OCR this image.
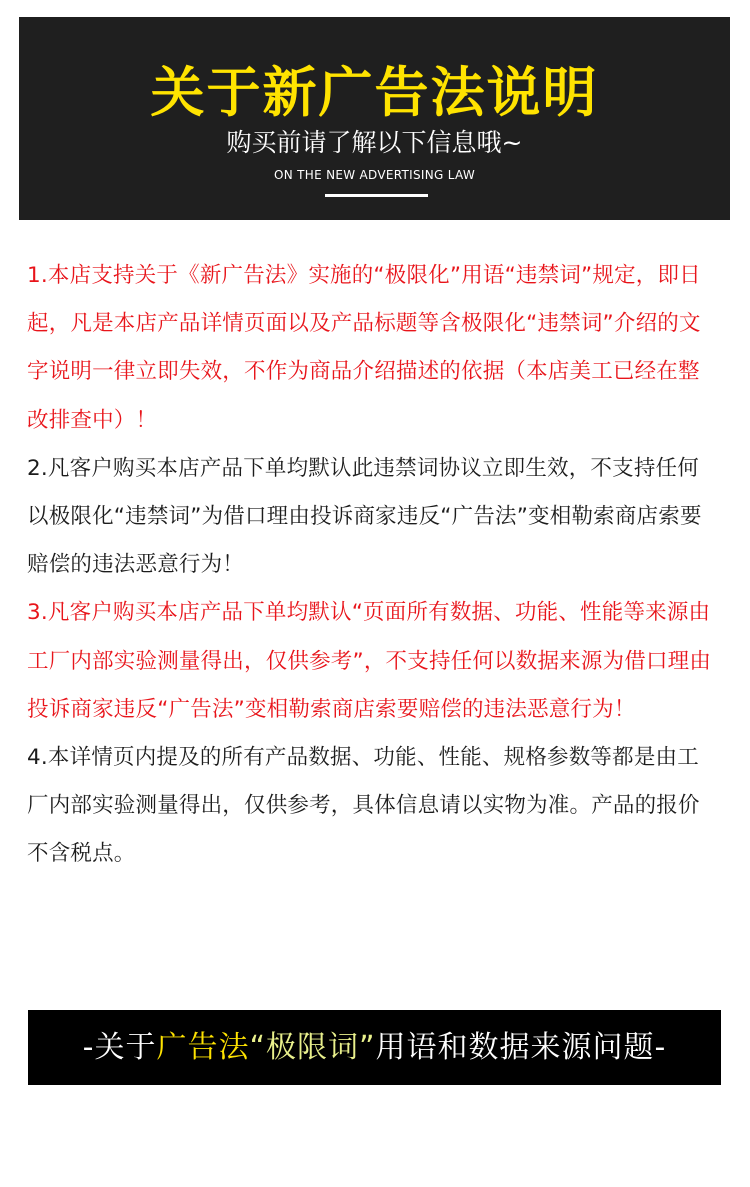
关于新广告法说明
购买前请了解以下信息哦~
ON THE NEW ADVERTISING LAW

1.本店支持关于《新广告法》实施的“极限化”用语“违禁词”规定，即日起，凡是本店产品详情页面以及产品标题等含极限化“违禁词”介绍的文字说明一律立即失效，不作为商品介绍描述的依据（本店美工已经在整改排查中）！

2.凡客户购买本店产品下单均默认此违禁词协议立即生效，不支持任何以极限化“违禁词”为借口理由投诉商家违反“广告法”变相勒索商店索要赔偿的违法恶意行为！

3.凡客户购买本店产品下单均默认“页面所有数据、功能、性能等来源由工厂内部实验测量得出，仅供参考”，不支持任何以数据来源为借口理由投诉商家违反“广告法”变相勒索商店索要赔偿的违法恶意行为！

4.本详情页内提及的所有产品数据、功能、性能、规格参数等都是由工厂内部实验测量得出，仅供参考，具体信息请以实物为准。产品的报价不含税点。

-关于广告法“极限词”用语和数据来源问题-
